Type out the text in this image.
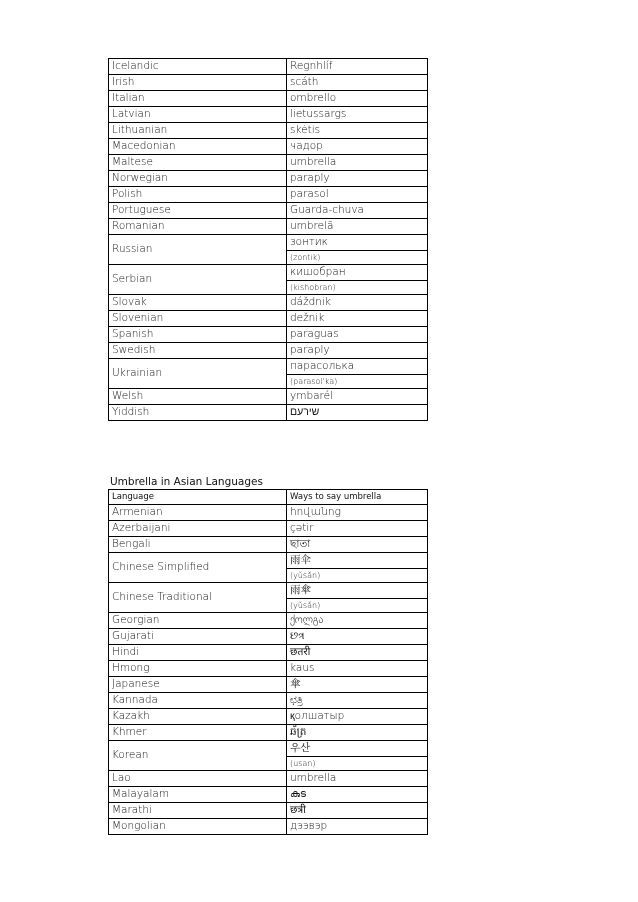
Icelandic	Regnhlíf
Irish	scáth
Italian	ombrello
Latvian	lietussargs
Lithuanian	skėtis
Macedonian	чадор
Maltese	umbrella
Norwegian	paraply
Polish	parasol
Portuguese	Guarda-chuva
Romanian	umbrelă
Russian	зонтик
	(zontik)
Serbian	кишобран
	(kishobran)
Slovak	dáždnik
Slovenian	dežnik
Spanish	paraguas
Swedish	paraply
Ukrainian	парасолька
	(parasol'ka)
Welsh	ymbarél
Yiddish	שירעם
Umbrella in Asian Languages
Language	Ways to say umbrella
Armenian	հովանոց
Azerbaijani	çətir
Bengali	ছাতা
Chinese Simplified	雨伞
	(yǔsǎn)
Chinese Traditional	雨傘
	(yǔsǎn)
Georgian	ქოლგა
Gujarati	છત્ર
Hindi	छतरी
Hmong	kaus
Japanese	傘
Kannada	ಛತ್ರಿ
Kazakh	қолшатыр
Khmer	ឆ័ត្រ
Korean	우산
	(usan)
Lao	umbrella
Malayalam	കുട
Marathi	छत्री
Mongolian	дээвэр
